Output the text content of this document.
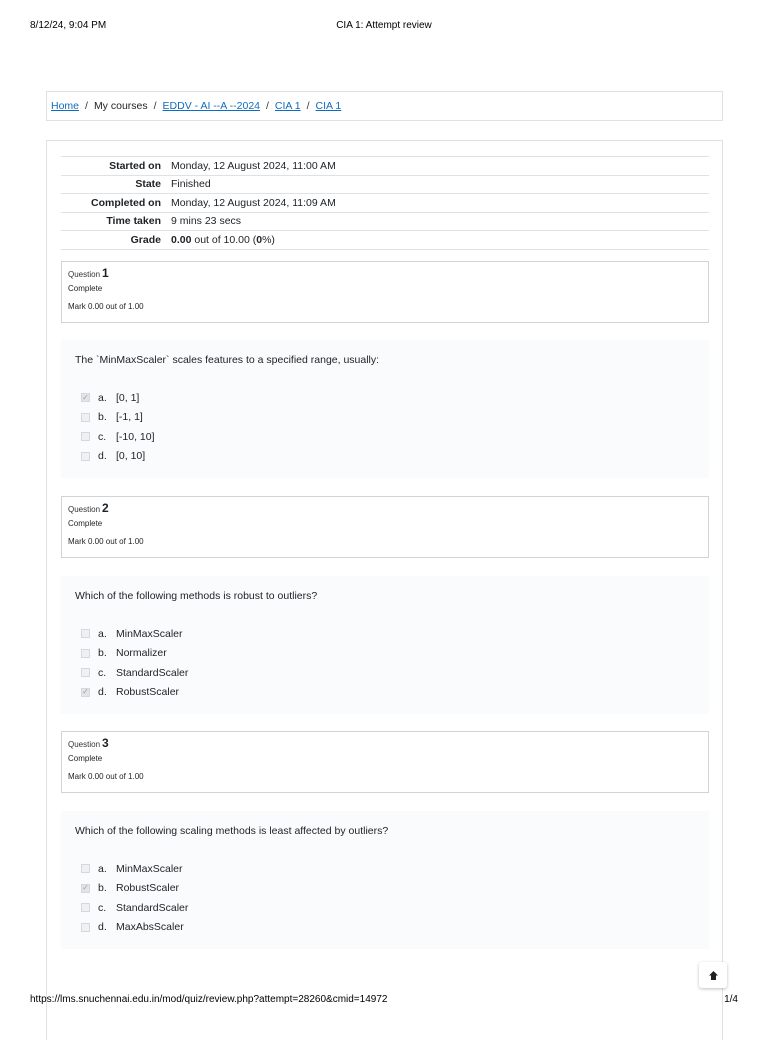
8/12/24, 9:04 PM	CIA 1: Attempt review
Home / My courses / EDDV - AI --A --2024 / CIA 1 / CIA 1
Started on	Monday, 12 August 2024, 11:00 AM
State	Finished
Completed on	Monday, 12 August 2024, 11:09 AM
Time taken	9 mins 23 secs
Grade	0.00 out of 10.00 (0%)
Question 1
Complete
Mark 0.00 out of 1.00
The `MinMaxScaler` scales features to a specified range, usually:
✓ a. [0, 1]
b. [-1, 1]
c. [-10, 10]
d. [0, 10]
Question 2
Complete
Mark 0.00 out of 1.00
Which of the following methods is robust to outliers?
a. MinMaxScaler
b. Normalizer
c. StandardScaler
✓ d. RobustScaler
Question 3
Complete
Mark 0.00 out of 1.00
Which of the following scaling methods is least affected by outliers?
a. MinMaxScaler
✓ b. RobustScaler
c. StandardScaler
d. MaxAbsScaler
https://lms.snuchennai.edu.in/mod/quiz/review.php?attempt=28260&cmid=14972	1/4
